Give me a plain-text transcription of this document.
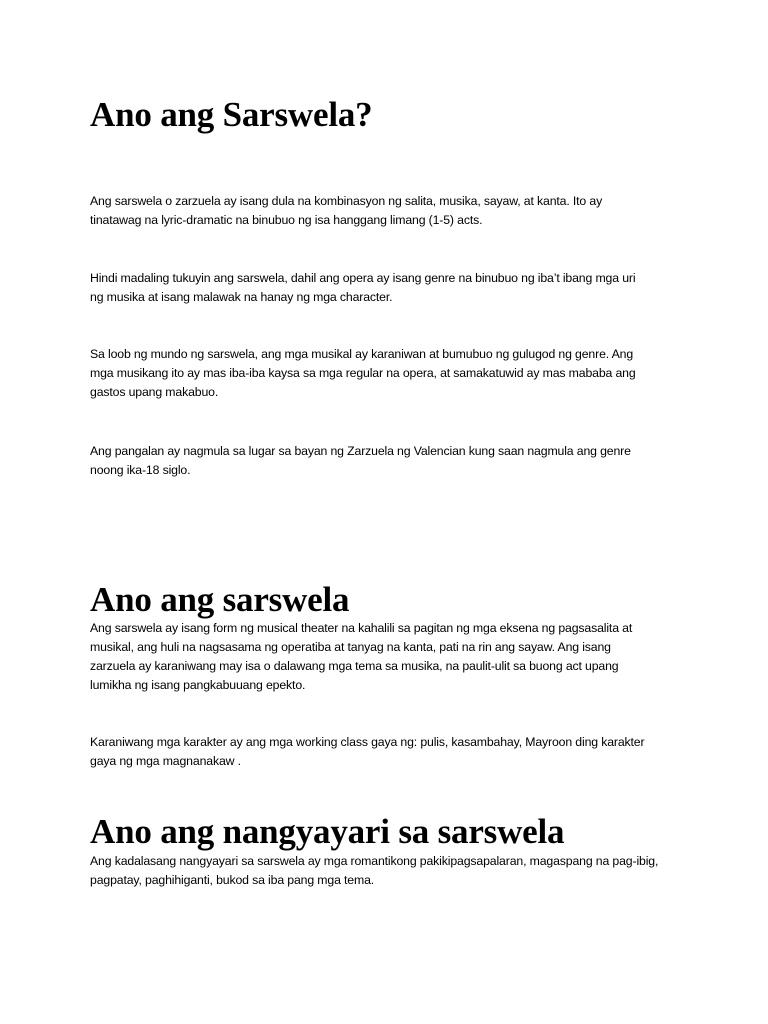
Ano ang Sarswela?

Ang sarswela o zarzuela ay isang dula na kombinasyon ng salita, musika, sayaw, at kanta. Ito ay
tinatawag na lyric-dramatic na binubuo ng isa hanggang limang (1-5) acts.

Hindi madaling tukuyin ang sarswela, dahil ang opera ay isang genre na binubuo ng iba’t ibang mga uri
ng musika at isang malawak na hanay ng mga character.

Sa loob ng mundo ng sarswela, ang mga musikal ay karaniwan at bumubuo ng gulugod ng genre. Ang
mga musikang ito ay mas iba-iba kaysa sa mga regular na opera, at samakatuwid ay mas mababa ang
gastos upang makabuo.

Ang pangalan ay nagmula sa lugar sa bayan ng Zarzuela ng Valencian kung saan nagmula ang genre
noong ika-18 siglo.

Ano ang sarswela

Ang sarswela ay isang form ng musical theater na kahalili sa pagitan ng mga eksena ng pagsasalita at
musikal, ang huli na nagsasama ng operatiba at tanyag na kanta, pati na rin ang sayaw. Ang isang
zarzuela ay karaniwang may isa o dalawang mga tema sa musika, na paulit-ulit sa buong act upang
lumikha ng isang pangkabuuang epekto.

Karaniwang mga karakter ay ang mga working class gaya ng: pulis, kasambahay, Mayroon ding karakter
gaya ng mga magnanakaw .

Ano ang nangyayari sa sarswela

Ang kadalasang nangyayari sa sarswela ay mga romantikong pakikipagsapalaran, magaspang na pag-ibig,
pagpatay, paghihiganti, bukod sa iba pang mga tema.
